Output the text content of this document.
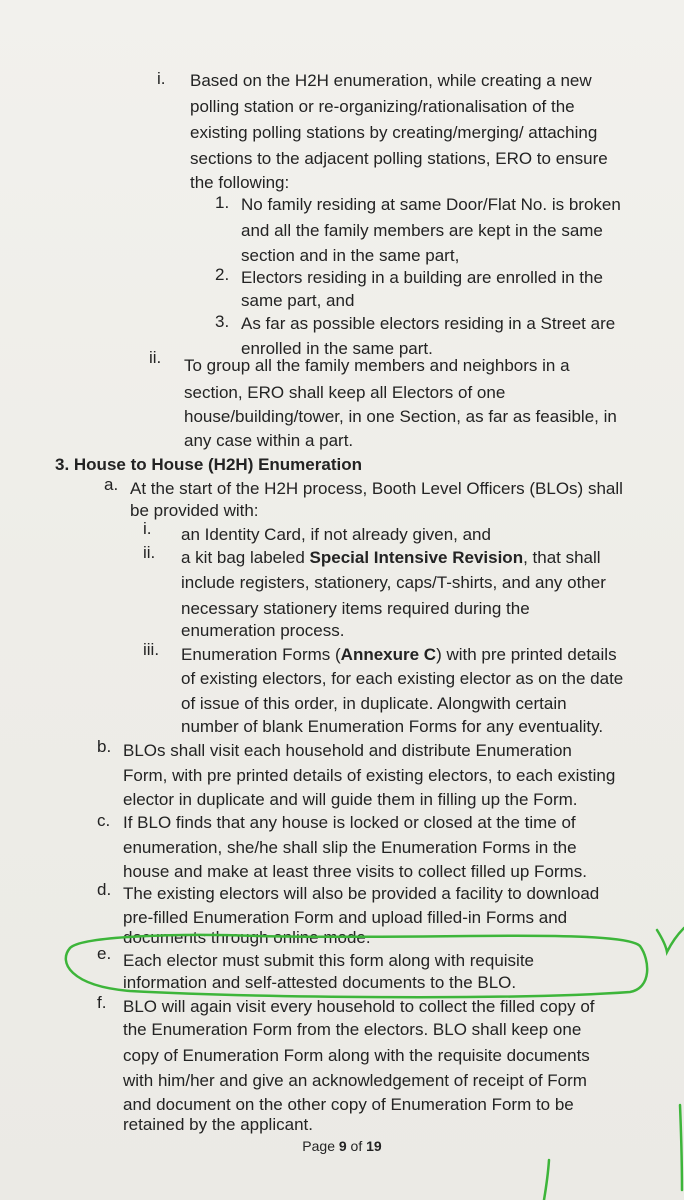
i. Based on the H2H enumeration, while creating a new
polling station or re-organizing/rationalisation of the
existing polling stations by creating/merging/ attaching
sections to the adjacent polling stations, ERO to ensure
the following:
1. No family residing at same Door/Flat No. is broken
and all the family members are kept in the same
section and in the same part,
2. Electors residing in a building are enrolled in the
same part, and
3. As far as possible electors residing in a Street are
enrolled in the same part.
ii. To group all the family members and neighbors in a
section, ERO shall keep all Electors of one
house/building/tower, in one Section, as far as feasible, in
any case within a part.
3. House to House (H2H) Enumeration
a. At the start of the H2H process, Booth Level Officers (BLOs) shall
be provided with:
i. an Identity Card, if not already given, and
ii. a kit bag labeled Special Intensive Revision, that shall
include registers, stationery, caps/T-shirts, and any other
necessary stationery items required during the
enumeration process.
iii. Enumeration Forms (Annexure C) with pre printed details
of existing electors, for each existing elector as on the date
of issue of this order, in duplicate. Alongwith certain
number of blank Enumeration Forms for any eventuality.
b. BLOs shall visit each household and distribute Enumeration
Form, with pre printed details of existing electors, to each existing
elector in duplicate and will guide them in filling up the Form.
c. If BLO finds that any house is locked or closed at the time of
enumeration, she/he shall slip the Enumeration Forms in the
house and make at least three visits to collect filled up Forms.
d. The existing electors will also be provided a facility to download
pre-filled Enumeration Form and upload filled-in Forms and
documents through online mode.
e. Each elector must submit this form along with requisite
information and self-attested documents to the BLO.
f. BLO will again visit every household to collect the filled copy of
the Enumeration Form from the electors. BLO shall keep one
copy of Enumeration Form along with the requisite documents
with him/her and give an acknowledgement of receipt of Form
and document on the other copy of Enumeration Form to be
retained by the applicant.
Page 9 of 19
